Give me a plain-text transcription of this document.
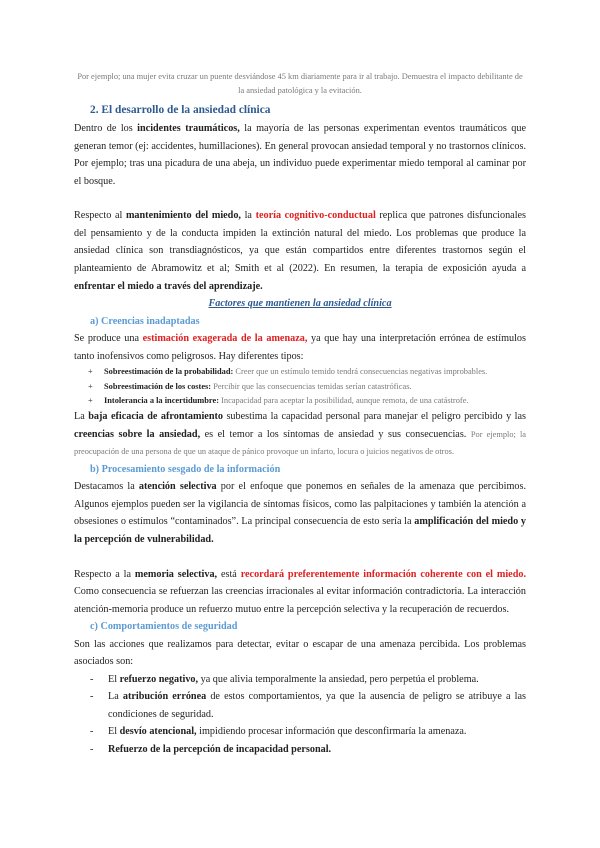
Por ejemplo; una mujer evita cruzar un puente desviándose 45 km diariamente para ir al trabajo. Demuestra el impacto debilitante de la ansiedad patológica y la evitación.

2. El desarrollo de la ansiedad clínica

Dentro de los incidentes traumáticos, la mayoría de las personas experimentan eventos traumáticos que generan temor (ej: accidentes, humillaciones). En general provocan ansiedad temporal y no trastornos clínicos. Por ejemplo; tras una picadura de una abeja, un individuo puede experimentar miedo temporal al caminar por el bosque.

Respecto al mantenimiento del miedo, la teoría cognitivo-conductual replica que patrones disfuncionales del pensamiento y de la conducta impiden la extinción natural del miedo. Los problemas que produce la ansiedad clínica son transdiagnósticos, ya que están compartidos entre diferentes trastornos según el planteamiento de Abramowitz et al; Smith et al (2022). En resumen, la terapia de exposición ayuda a enfrentar el miedo a través del aprendizaje.

Factores que mantienen la ansiedad clínica

a) Creencias inadaptadas

Se produce una estimación exagerada de la amenaza, ya que hay una interpretación errónea de estímulos tanto inofensivos como peligrosos. Hay diferentes tipos:

+ Sobreestimación de la probabilidad: Creer que un estímulo temido tendrá consecuencias negativas improbables.
+ Sobreestimación de los costes: Percibir que las consecuencias temidas serían catastróficas.
+ Intolerancia a la incertidumbre: Incapacidad para aceptar la posibilidad, aunque remota, de una catástrofe.

La baja eficacia de afrontamiento subestima la capacidad personal para manejar el peligro percibido y las creencias sobre la ansiedad, es el temor a los síntomas de ansiedad y sus consecuencias. Por ejemplo; la preocupación de una persona de que un ataque de pánico provoque un infarto, locura o juicios negativos de otros.

b) Procesamiento sesgado de la información

Destacamos la atención selectiva por el enfoque que ponemos en señales de la amenaza que percibimos. Algunos ejemplos pueden ser la vigilancia de síntomas físicos, como las palpitaciones y también la atención a obsesiones o estímulos “contaminados”. La principal consecuencia de esto sería la amplificación del miedo y la percepción de vulnerabilidad.

Respecto a la memoria selectiva, está recordará preferentemente información coherente con el miedo. Como consecuencia se refuerzan las creencias irracionales al evitar información contradictoria. La interacción atención-memoria produce un refuerzo mutuo entre la percepción selectiva y la recuperación de recuerdos.

c) Comportamientos de seguridad

Son las acciones que realizamos para detectar, evitar o escapar de una amenaza percibida. Los problemas asociados son:

- El refuerzo negativo, ya que alivia temporalmente la ansiedad, pero perpetúa el problema.
- La atribución errónea de estos comportamientos, ya que la ausencia de peligro se atribuye a las condiciones de seguridad.
- El desvío atencional, impidiendo procesar información que desconfirmaría la amenaza.
- Refuerzo de la percepción de incapacidad personal.
